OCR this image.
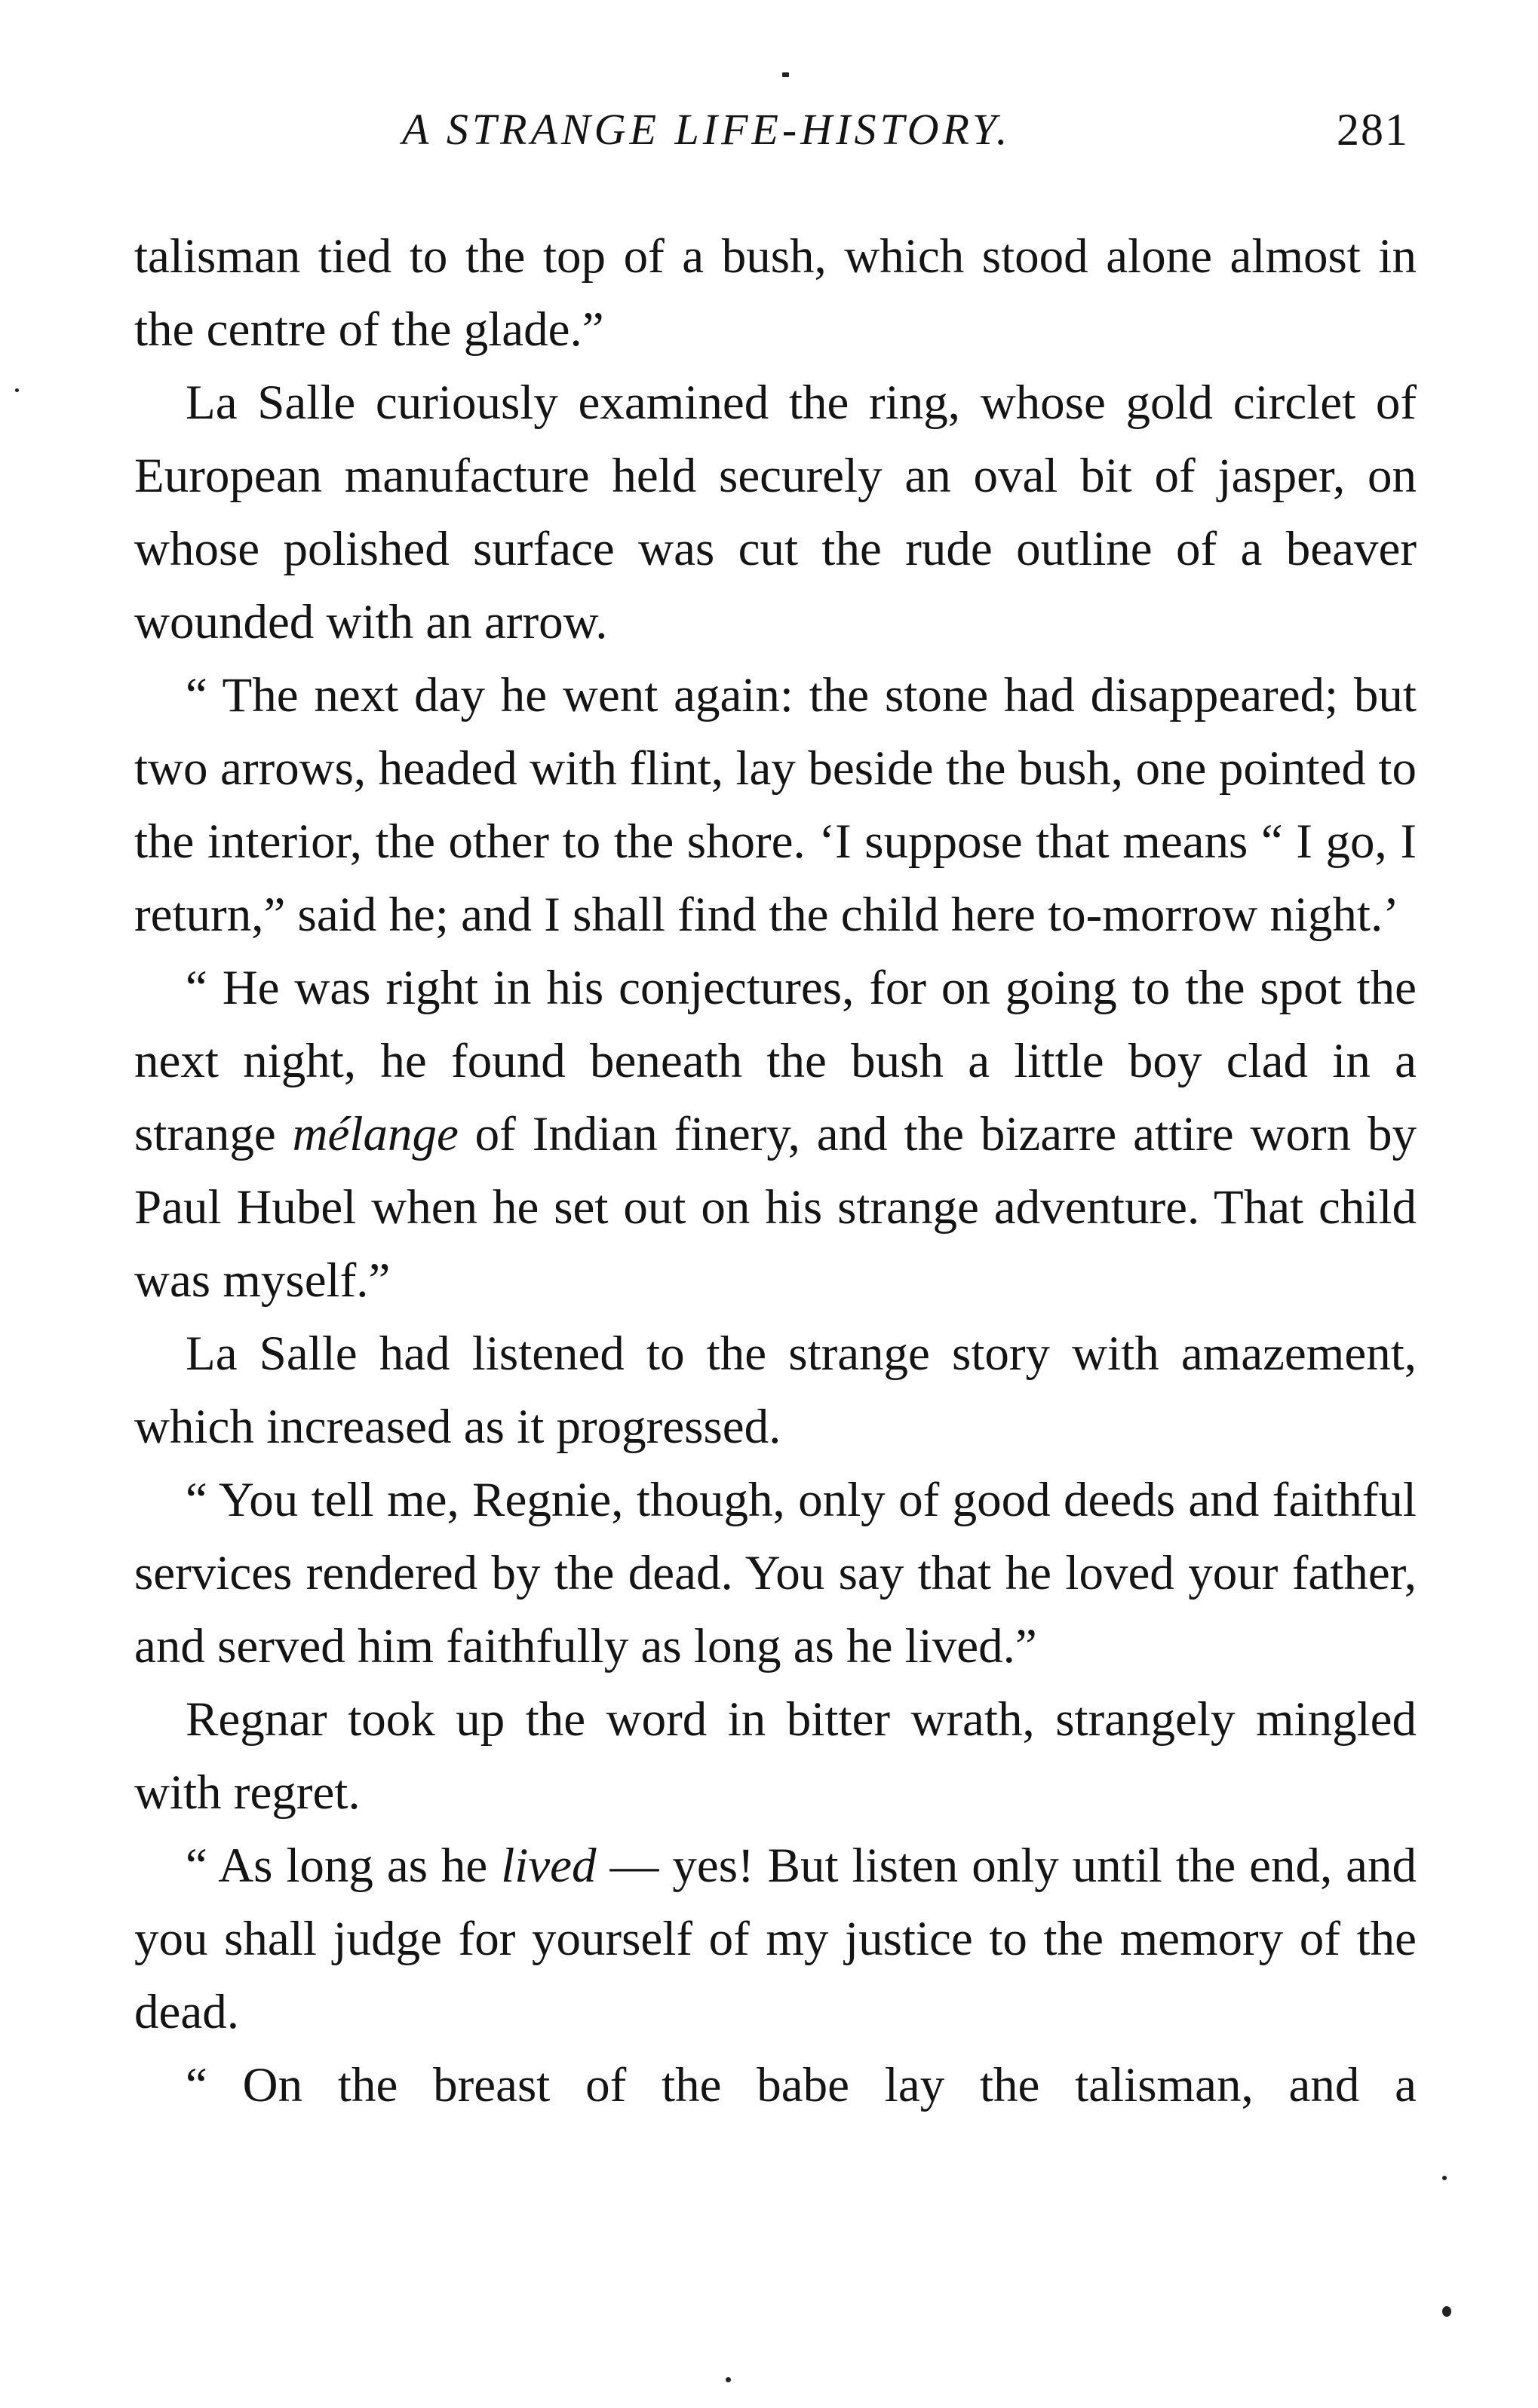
A STRANGE LIFE-HISTORY.	281

talisman tied to the top of a bush, which stood alone almost in the centre of the glade.”

La Salle curiously examined the ring, whose gold circlet of European manufacture held securely an oval bit of jasper, on whose polished surface was cut the rude outline of a beaver wounded with an arrow.

“ The next day he went again: the stone had disappeared; but two arrows, headed with flint, lay beside the bush, one pointed to the interior, the other to the shore. ‘I suppose that means “ I go, I return,” said he; and I shall find the child here to-morrow night.’

“ He was right in his conjectures, for on going to the spot the next night, he found beneath the bush a little boy clad in a strange mélange of Indian finery, and the bizarre attire worn by Paul Hubel when he set out on his strange adventure. That child was myself.”

La Salle had listened to the strange story with amazement, which increased as it progressed.

“ You tell me, Regnie, though, only of good deeds and faithful services rendered by the dead. You say that he loved your father, and served him faithfully as long as he lived.”

Regnar took up the word in bitter wrath, strangely mingled with regret.

“ As long as he lived — yes! But listen only until the end, and you shall judge for yourself of my justice to the memory of the dead.

“ On the breast of the babe lay the talisman, and a
